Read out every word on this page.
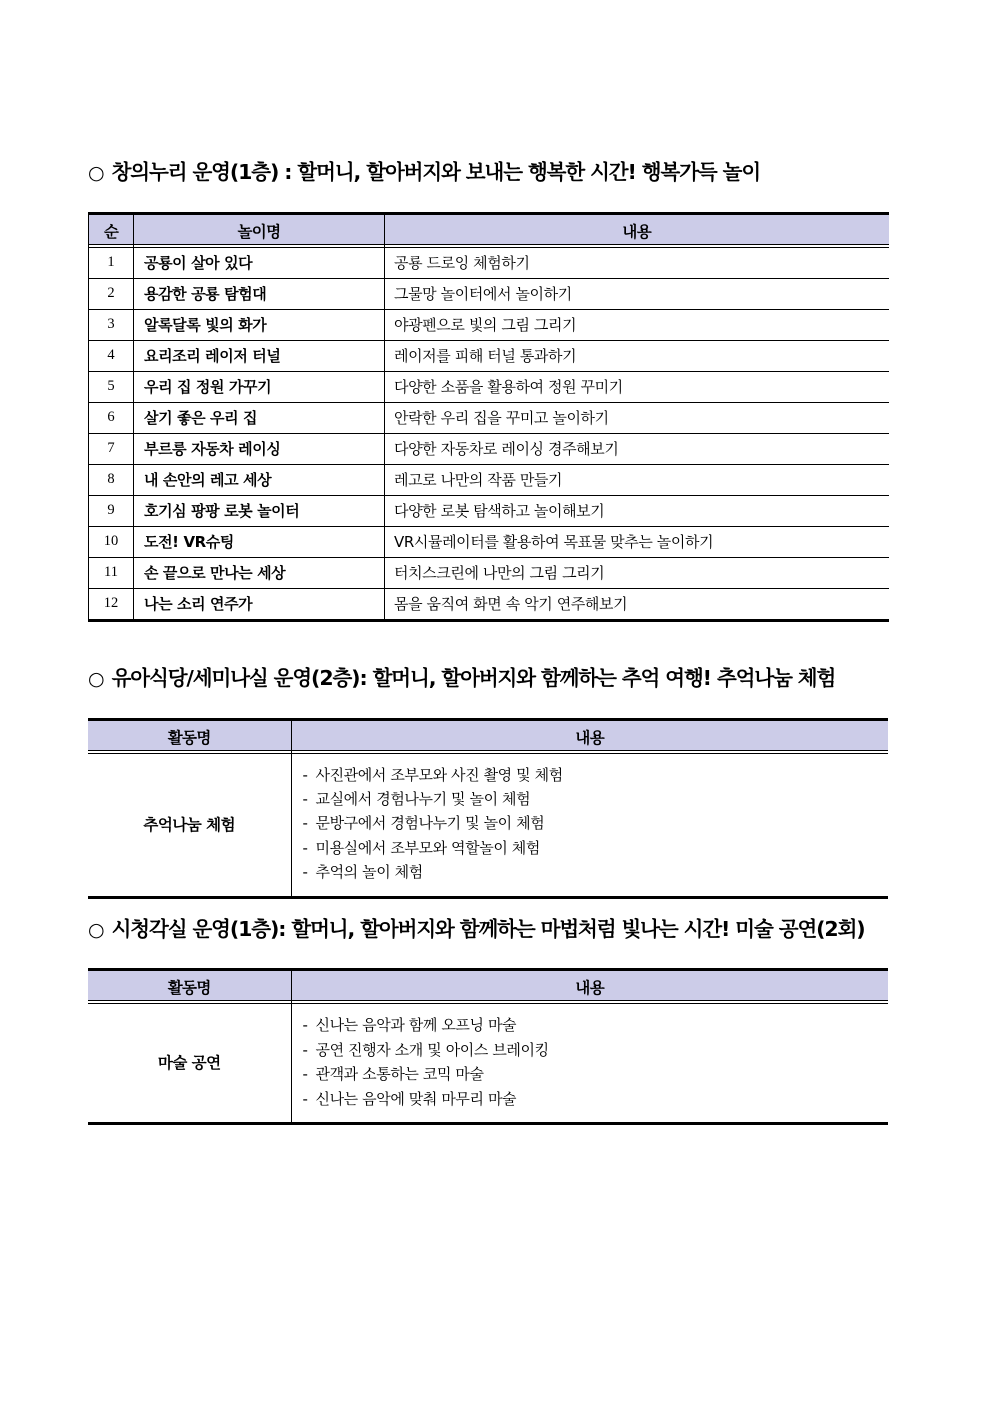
○ 창의누리 운영(1층) : 할머니, 할아버지와 보내는 행복한 시간! 행복가득 놀이
순	놀이명	내용
1	공룡이 살아 있다	공룡 드로잉 체험하기
2	용감한 공룡 탐험대	그물망 놀이터에서 놀이하기
3	알록달록 빛의 화가	야광펜으로 빛의 그림 그리기
4	요리조리 레이저 터널	레이저를 피해 터널 통과하기
5	우리 집 정원 가꾸기	다양한 소품을 활용하여 정원 꾸미기
6	살기 좋은 우리 집	안락한 우리 집을 꾸미고 놀이하기
7	부르릉 자동차 레이싱	다양한 자동차로 레이싱 경주해보기
8	내 손안의 레고 세상	레고로 나만의 작품 만들기
9	호기심 팡팡 로봇 놀이터	다양한 로봇 탐색하고 놀이해보기
10	도전! VR슈팅	VR시뮬레이터를 활용하여 목표물 맞추는 놀이하기
11	손 끝으로 만나는 세상	터치스크린에 나만의 그림 그리기
12	나는 소리 연주가	몸을 움직여 화면 속 악기 연주해보기
○ 유아식당/세미나실 운영(2층): 할머니, 할아버지와 함께하는 추억 여행! 추억나눔 체험
활동명	내용
추억나눔 체험	
- 사진관에서 조부모와 사진 촬영 및 체험
- 교실에서 경험나누기 및 놀이 체험
- 문방구에서 경험나누기 및 놀이 체험
- 미용실에서 조부모와 역할놀이 체험
- 추억의 놀이 체험
○ 시청각실 운영(1층): 할머니, 할아버지와 함께하는 마법처럼 빛나는 시간! 미술 공연(2회)
활동명	내용
마술 공연	
- 신나는 음악과 함께 오프닝 마술
- 공연 진행자 소개 및 아이스 브레이킹
- 관객과 소통하는 코믹 마술
- 신나는 음악에 맞춰 마무리 마술
